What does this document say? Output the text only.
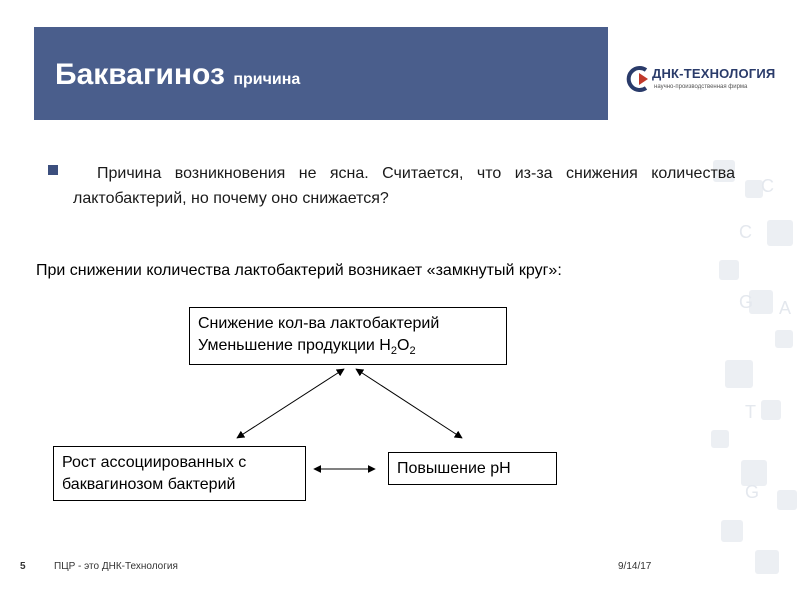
C
C
G A
T
G
Баквагиноз причина	ДНК-ТЕХНОЛОГИЯ
научно-производственная фирма
Причина возникновения не ясна. Считается, что из-за снижения количества лактобактерий, но почему оно снижается?
При снижении количества лактобактерий возникает «замкнутый круг»:
Снижение кол-ва лактобактерий
Уменьшение продукции $H_2O_2$
Рост ассоциированных с
баквагинозом бактерий
Повышение pH
5	ПЦР - это ДНК-Технология	9/14/17
